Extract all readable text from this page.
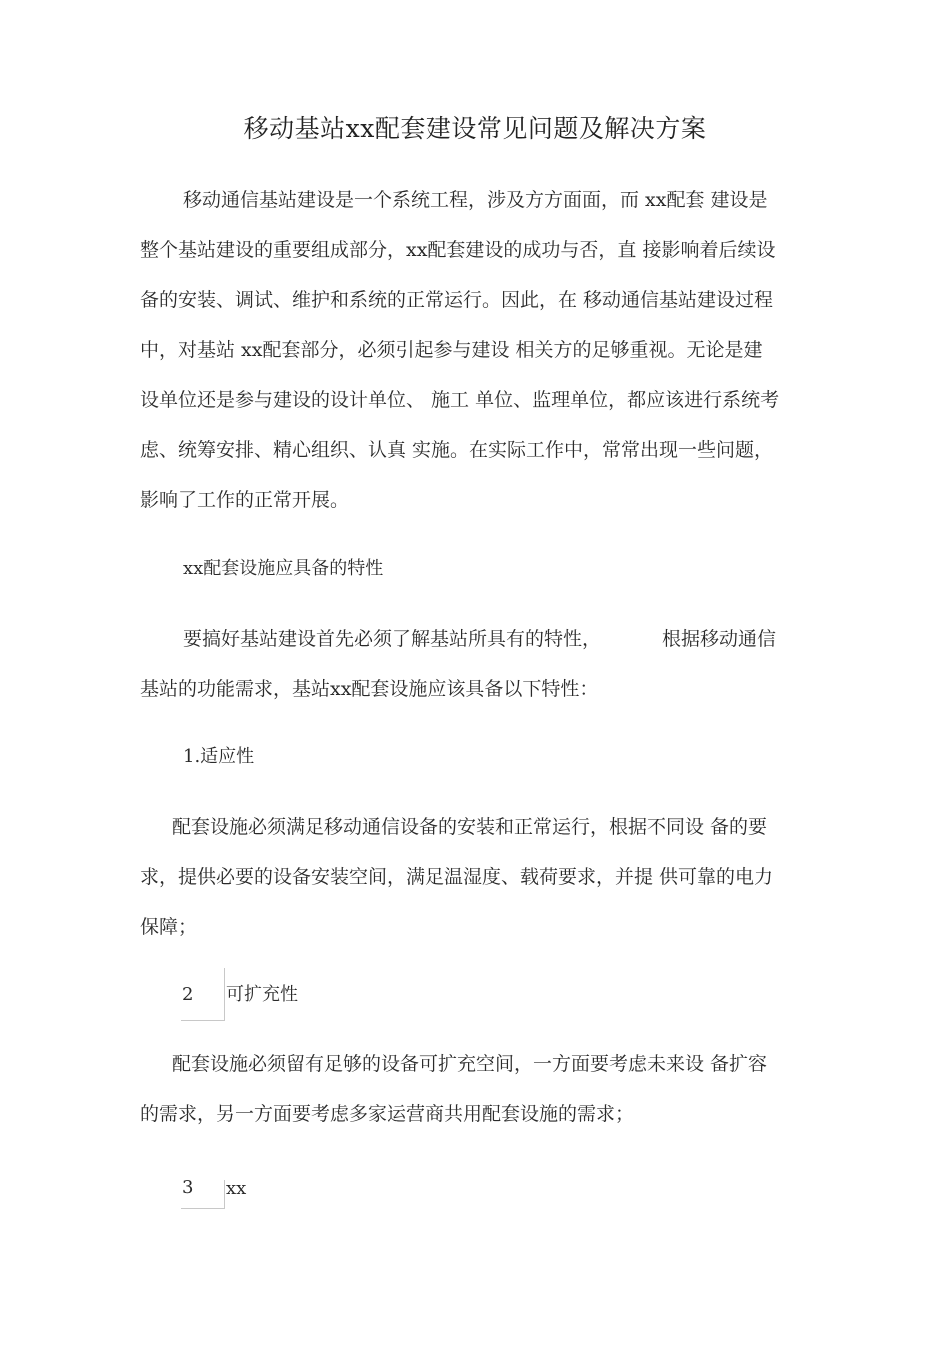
移动基站xx配套建设常见问题及解决方案
移动通信基站建设是一个系统工程，涉及方方面面，而 xx配套 建设是
整个基站建设的重要组成部分，xx配套建设的成功与否，直 接影响着后续设
备的安装、调试、维护和系统的正常运行。因此，在 移动通信基站建设过程
中，对基站 xx配套部分，必须引起参与建设 相关方的足够重视。无论是建
设单位还是参与建设的设计单位、 施工 单位、监理单位，都应该进行系统考
虑、统筹安排、精心组织、认真 实施。在实际工作中，常常出现一些问题，
影响了工作的正常开展。
xx配套设施应具备的特性
要搞好基站建设首先必须了解基站所具有的特性，	根据移动通信
基站的功能需求，基站xx配套设施应该具备以下特性：
1.适应性
配套设施必须满足移动通信设备的安装和正常运行，根据不同设 备的要
求，提供必要的设备安装空间，满足温湿度、载荷要求，并提 供可靠的电力
保障；
2 可扩充性
配套设施必须留有足够的设备可扩充空间，一方面要考虑未来设 备扩容
的需求，另一方面要考虑多家运营商共用配套设施的需求；
3 xx
